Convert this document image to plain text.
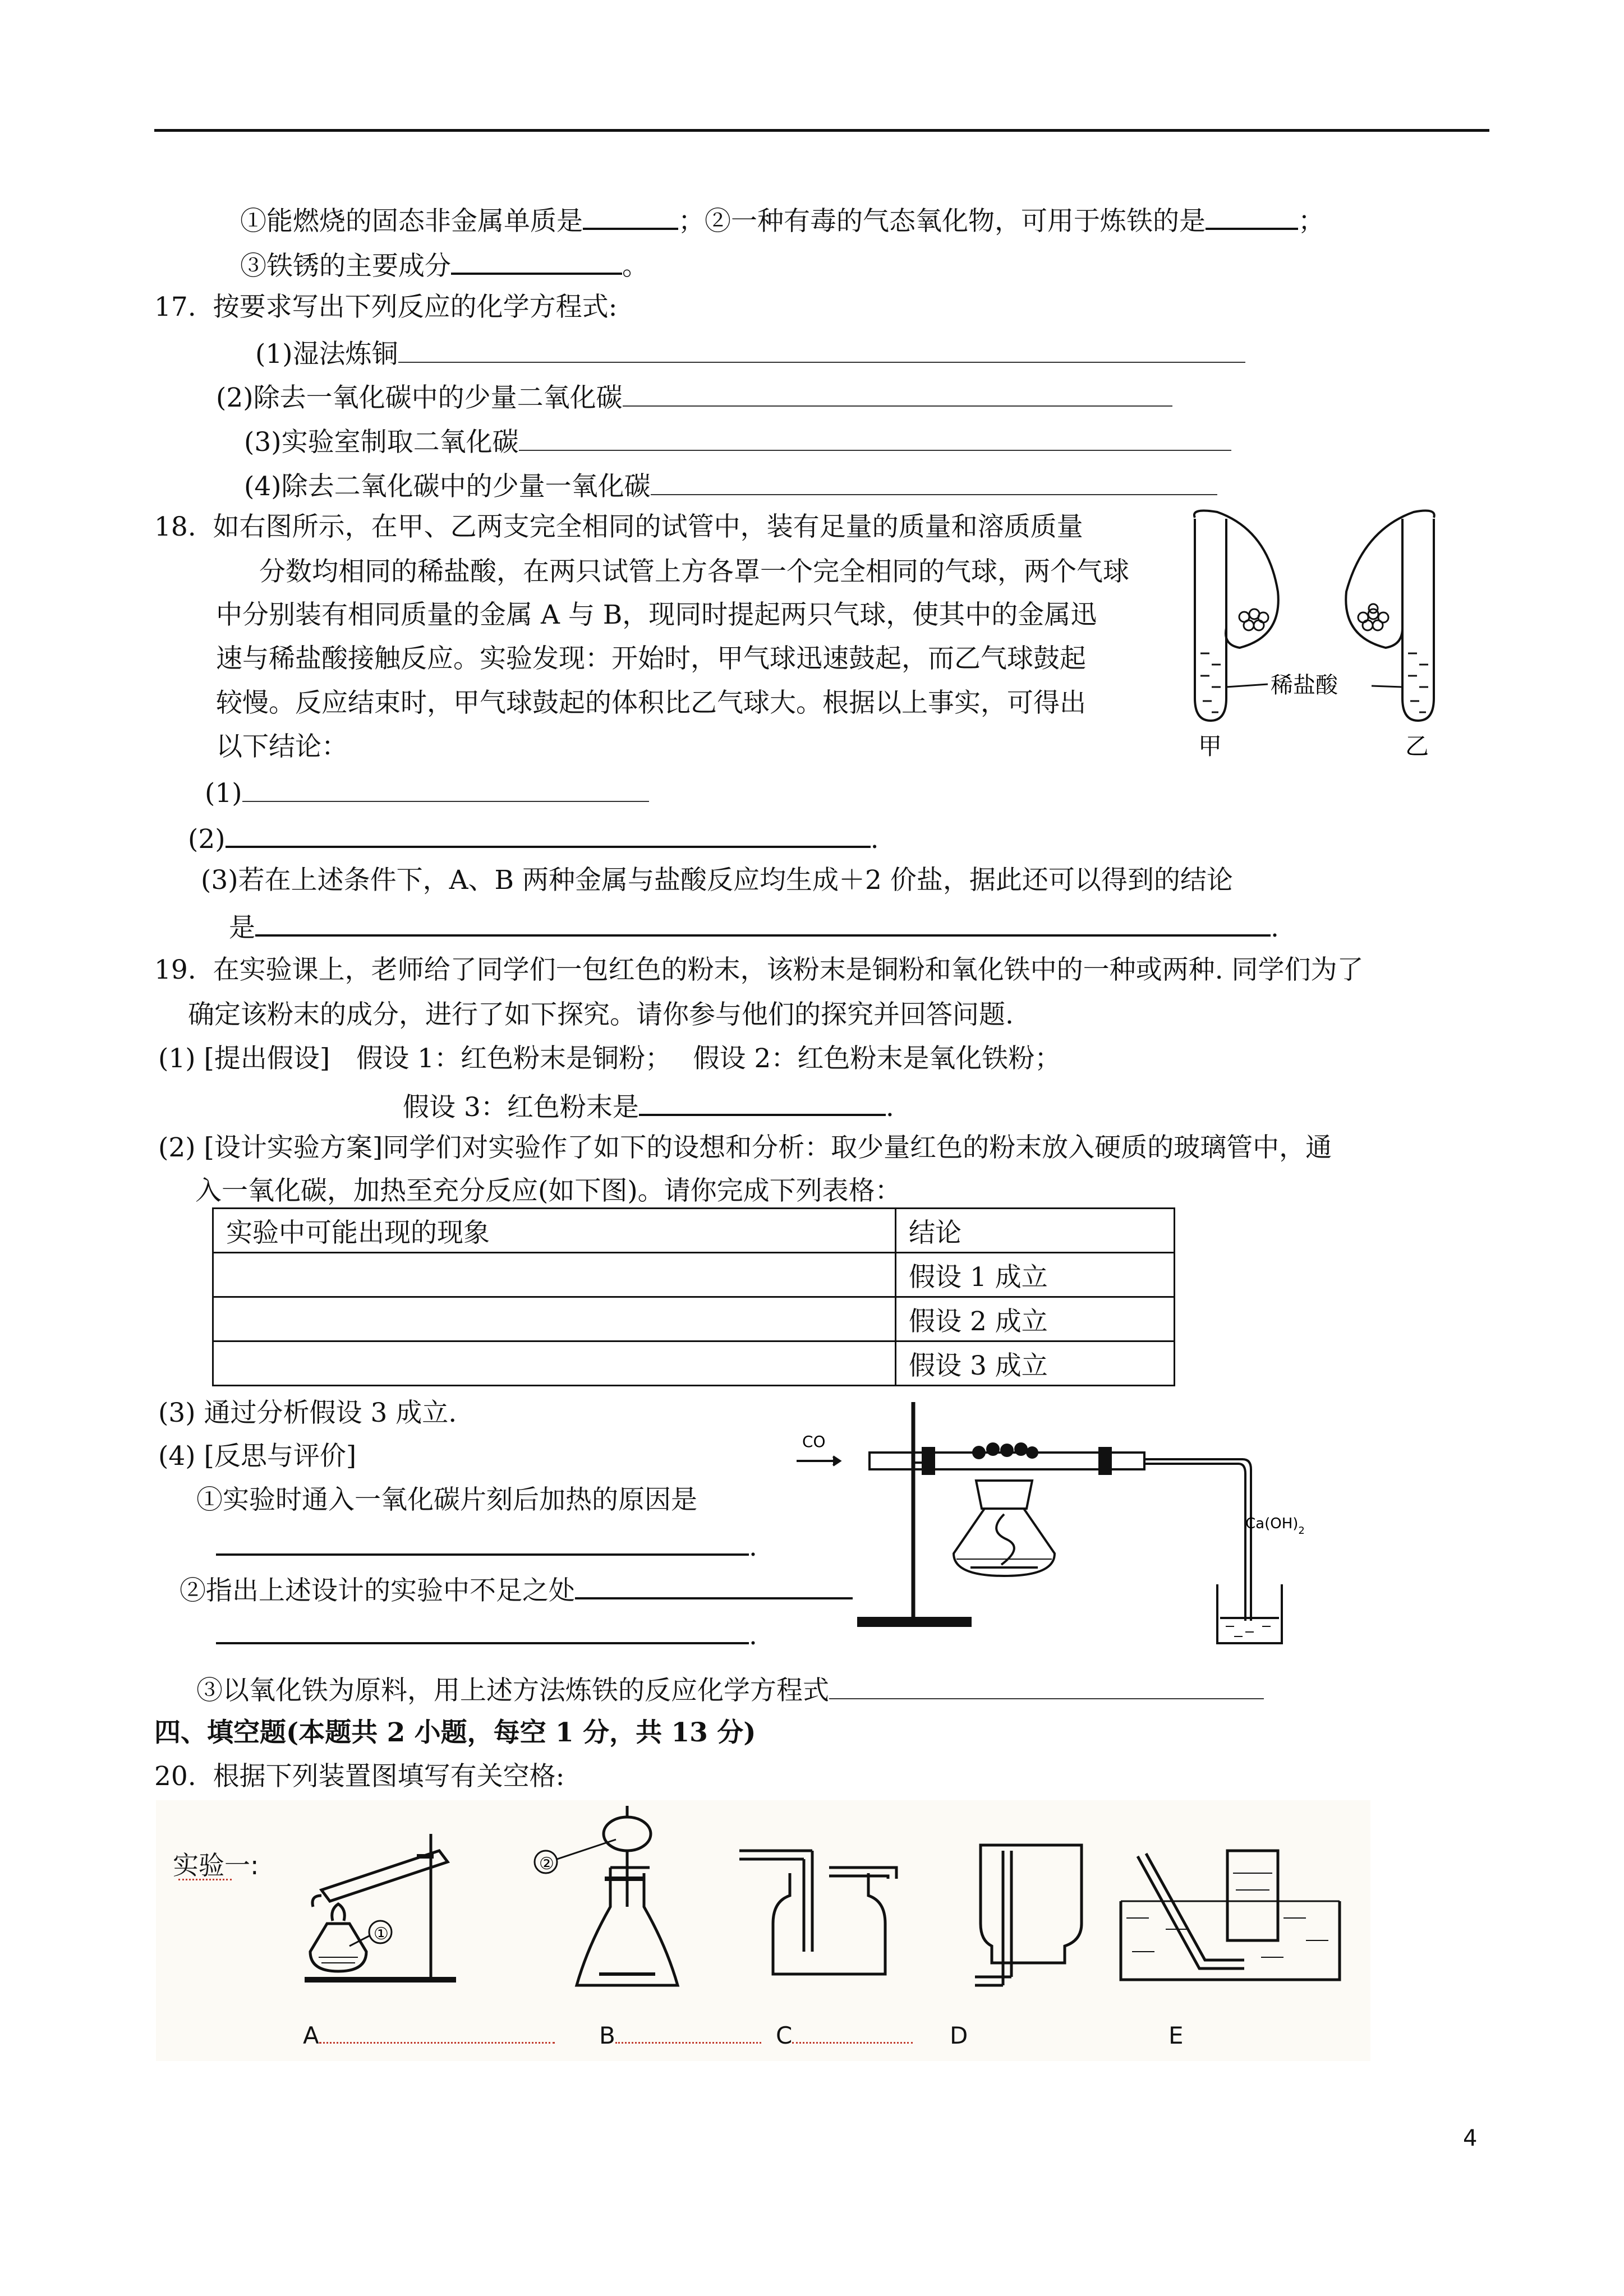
①能燃烧的固态非金属单质是	；②一种有毒的气态氧化物，可用于炼铁的是	；
③铁锈的主要成分	。
17. 按要求写出下列反应的化学方程式:
(1)湿法炼铜
(2)除去一氧化碳中的少量二氧化碳
(3)实验室制取二氧化碳
(4)除去二氧化碳中的少量一氧化碳
18. 如右图所示，在甲、乙两支完全相同的试管中，装有足量的质量和溶质质量
分数均相同的稀盐酸，在两只试管上方各罩一个完全相同的气球，两个气球
中分别装有相同质量的金属 A 与 B，现同时提起两只气球，使其中的金属迅
速与稀盐酸接触反应。实验发现：开始时，甲气球迅速鼓起，而乙气球鼓起
较慢。反应结束时，甲气球鼓起的体积比乙气球大。根据以上事实，可得出
以下结论：
(1)
(2)	.
(3)若在上述条件下，A、B 两种金属与盐酸反应均生成＋2 价盐，据此还可以得到的结论
是	.
稀盐酸
甲	乙
19. 在实验课上，老师给了同学们一包红色的粉末，该粉末是铜粉和氧化铁中的一种或两种. 同学们为了
确定该粉末的成分，进行了如下探究。请你参与他们的探究并回答问题.
(1) [提出假设]　假设 1：红色粉末是铜粉；　 假设 2：红色粉末是氧化铁粉；
假设 3：红色粉末是	.
(2) [设计实验方案]同学们对实验作了如下的设想和分析：取少量红色的粉末放入硬质的玻璃管中，通
入一氧化碳，加热至充分反应(如下图)。请你完成下列表格：
实验中可能出现的现象	结论
	假设 1 成立
	假设 2 成立
	假设 3 成立
(3) 通过分析假设 3 成立.
(4) [反思与评价]
①实验时通入一氧化碳片刻后加热的原因是
.
②指出上述设计的实验中不足之处
.
③以氧化铁为原料，用上述方法炼铁的反应化学方程式
CO
$Ca(OH)_2$
四、填空题(本题共 2 小题，每空 1 分，共 13 分)
20. 根据下列装置图填写有关空格:
实验一:
①
②
A	B	C	D	E
4
